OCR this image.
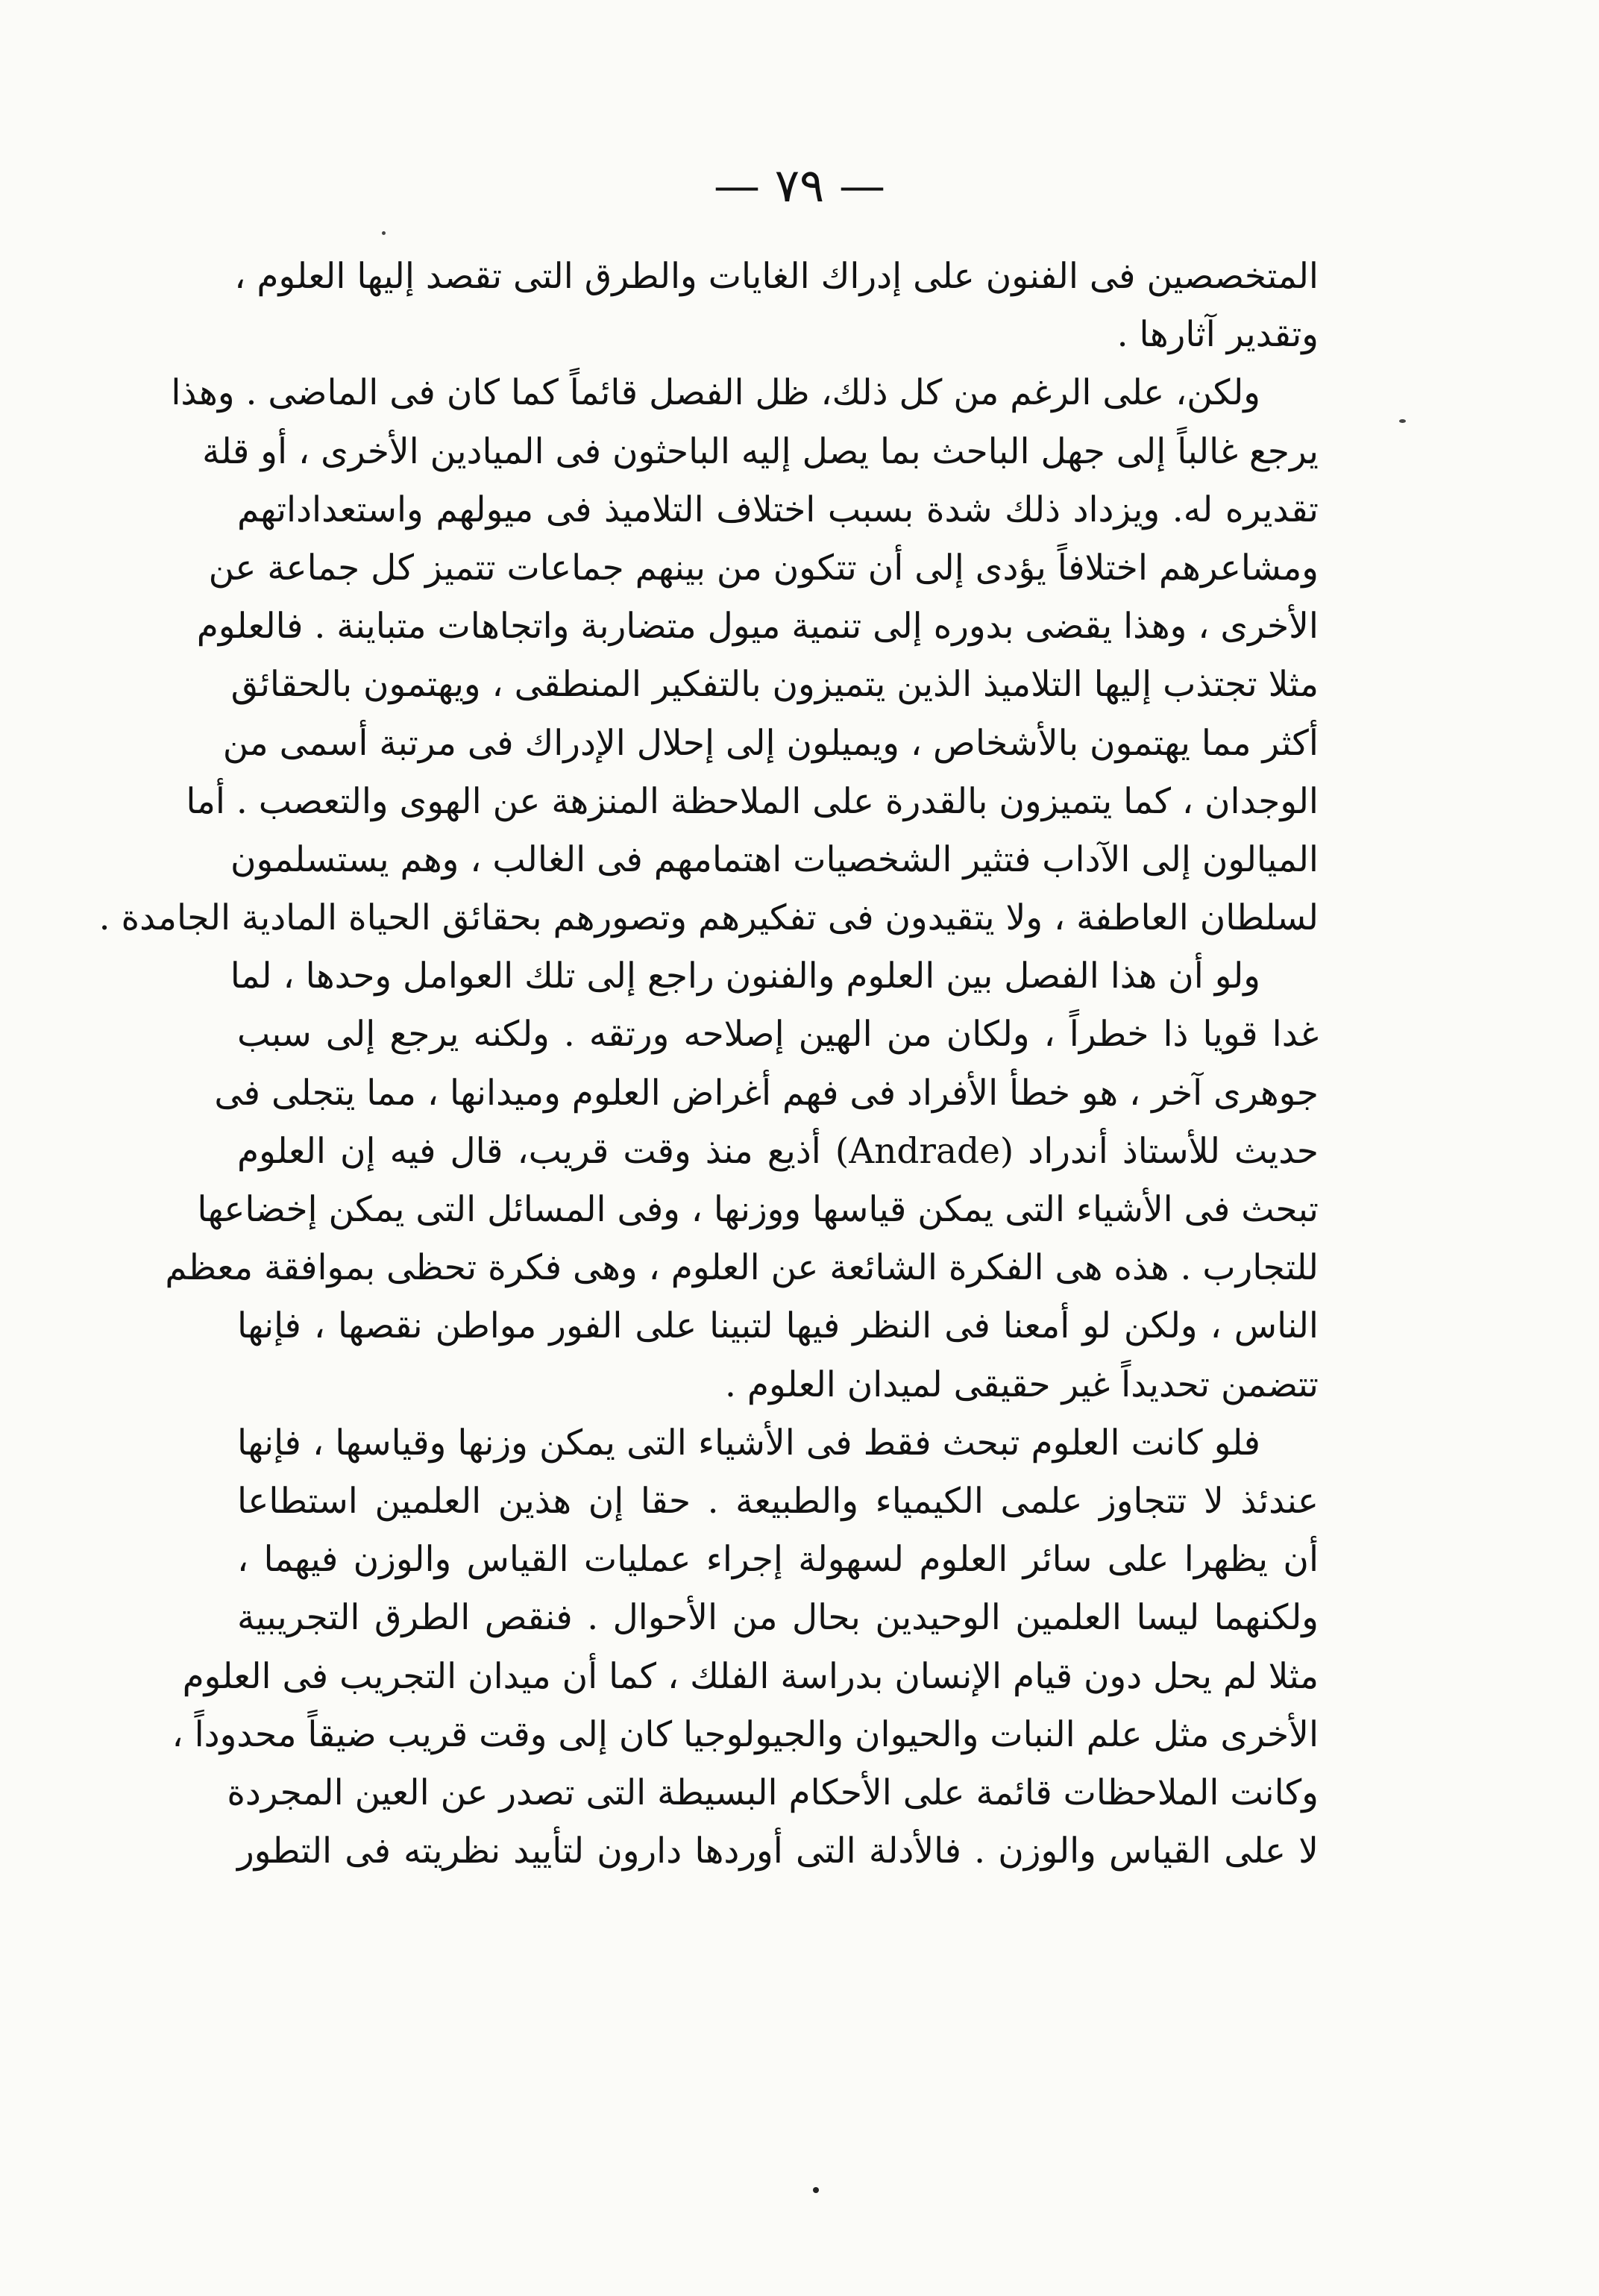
— ٧٩ —
المتخصصين فى الفنون على إدراك الغايات والطرق التى تقصد إليها العلوم ،
وتقدير آثارها .
ولكن، على الرغم من كل ذلك، ظل الفصل قائماً كما كان فى الماضى . وهذا
يرجع غالباً إلى جهل الباحث بما يصل إليه الباحثون فى الميادين الأخرى ، أو قلة
تقديره له. ويزداد ذلك شدة بسبب اختلاف التلاميذ فى ميولهم واستعداداتهم
ومشاعرهم اختلافاً يؤدى إلى أن تتكون من بينهم جماعات تتميز كل جماعة عن
الأخرى ، وهذا يقضى بدوره إلى تنمية ميول متضاربة واتجاهات متباينة . فالعلوم
مثلا تجتذب إليها التلاميذ الذين يتميزون بالتفكير المنطقى ، ويهتمون بالحقائق
أكثر مما يهتمون بالأشخاص ، ويميلون إلى إحلال الإدراك فى مرتبة أسمى من
الوجدان ، كما يتميزون بالقدرة على الملاحظة المنزهة عن الهوى والتعصب . أما
الميالون إلى الآداب فتثير الشخصيات اهتمامهم فى الغالب ، وهم يستسلمون
لسلطان العاطفة ، ولا يتقيدون فى تفكيرهم وتصورهم بحقائق الحياة المادية الجامدة .
ولو أن هذا الفصل بين العلوم والفنون راجع إلى تلك العوامل وحدها ، لما
غدا قويا ذا خطراً ، ولكان من الهين إصلاحه ورتقه . ولكنه يرجع إلى سبب
جوهرى آخر ، هو خطأ الأفراد فى فهم أغراض العلوم وميدانها ، مما يتجلى فى
حديث للأستاذ أندراد (Andrade) أذيع منذ وقت قريب، قال فيه إن العلوم
تبحث فى الأشياء التى يمكن قياسها ووزنها ، وفى المسائل التى يمكن إخضاعها
للتجارب . هذه هى الفكرة الشائعة عن العلوم ، وهى فكرة تحظى بموافقة معظم
الناس ، ولكن لو أمعنا فى النظر فيها لتبينا على الفور مواطن نقصها ، فإنها
تتضمن تحديداً غير حقيقى لميدان العلوم .
فلو كانت العلوم تبحث فقط فى الأشياء التى يمكن وزنها وقياسها ، فإنها
عندئذ لا تتجاوز علمى الكيمياء والطبيعة . حقا إن هذين العلمين استطاعا
أن يظهرا على سائر العلوم لسهولة إجراء عمليات القياس والوزن فيهما ،
ولكنهما ليسا العلمين الوحيدين بحال من الأحوال . فنقص الطرق التجريبية
مثلا لم يحل دون قيام الإنسان بدراسة الفلك ، كما أن ميدان التجريب فى العلوم
الأخرى مثل علم النبات والحيوان والجيولوجيا كان إلى وقت قريب ضيقاً محدوداً ،
وكانت الملاحظات قائمة على الأحكام البسيطة التى تصدر عن العين المجردة
لا على القياس والوزن . فالأدلة التى أوردها دارون لتأييد نظريته فى التطور
